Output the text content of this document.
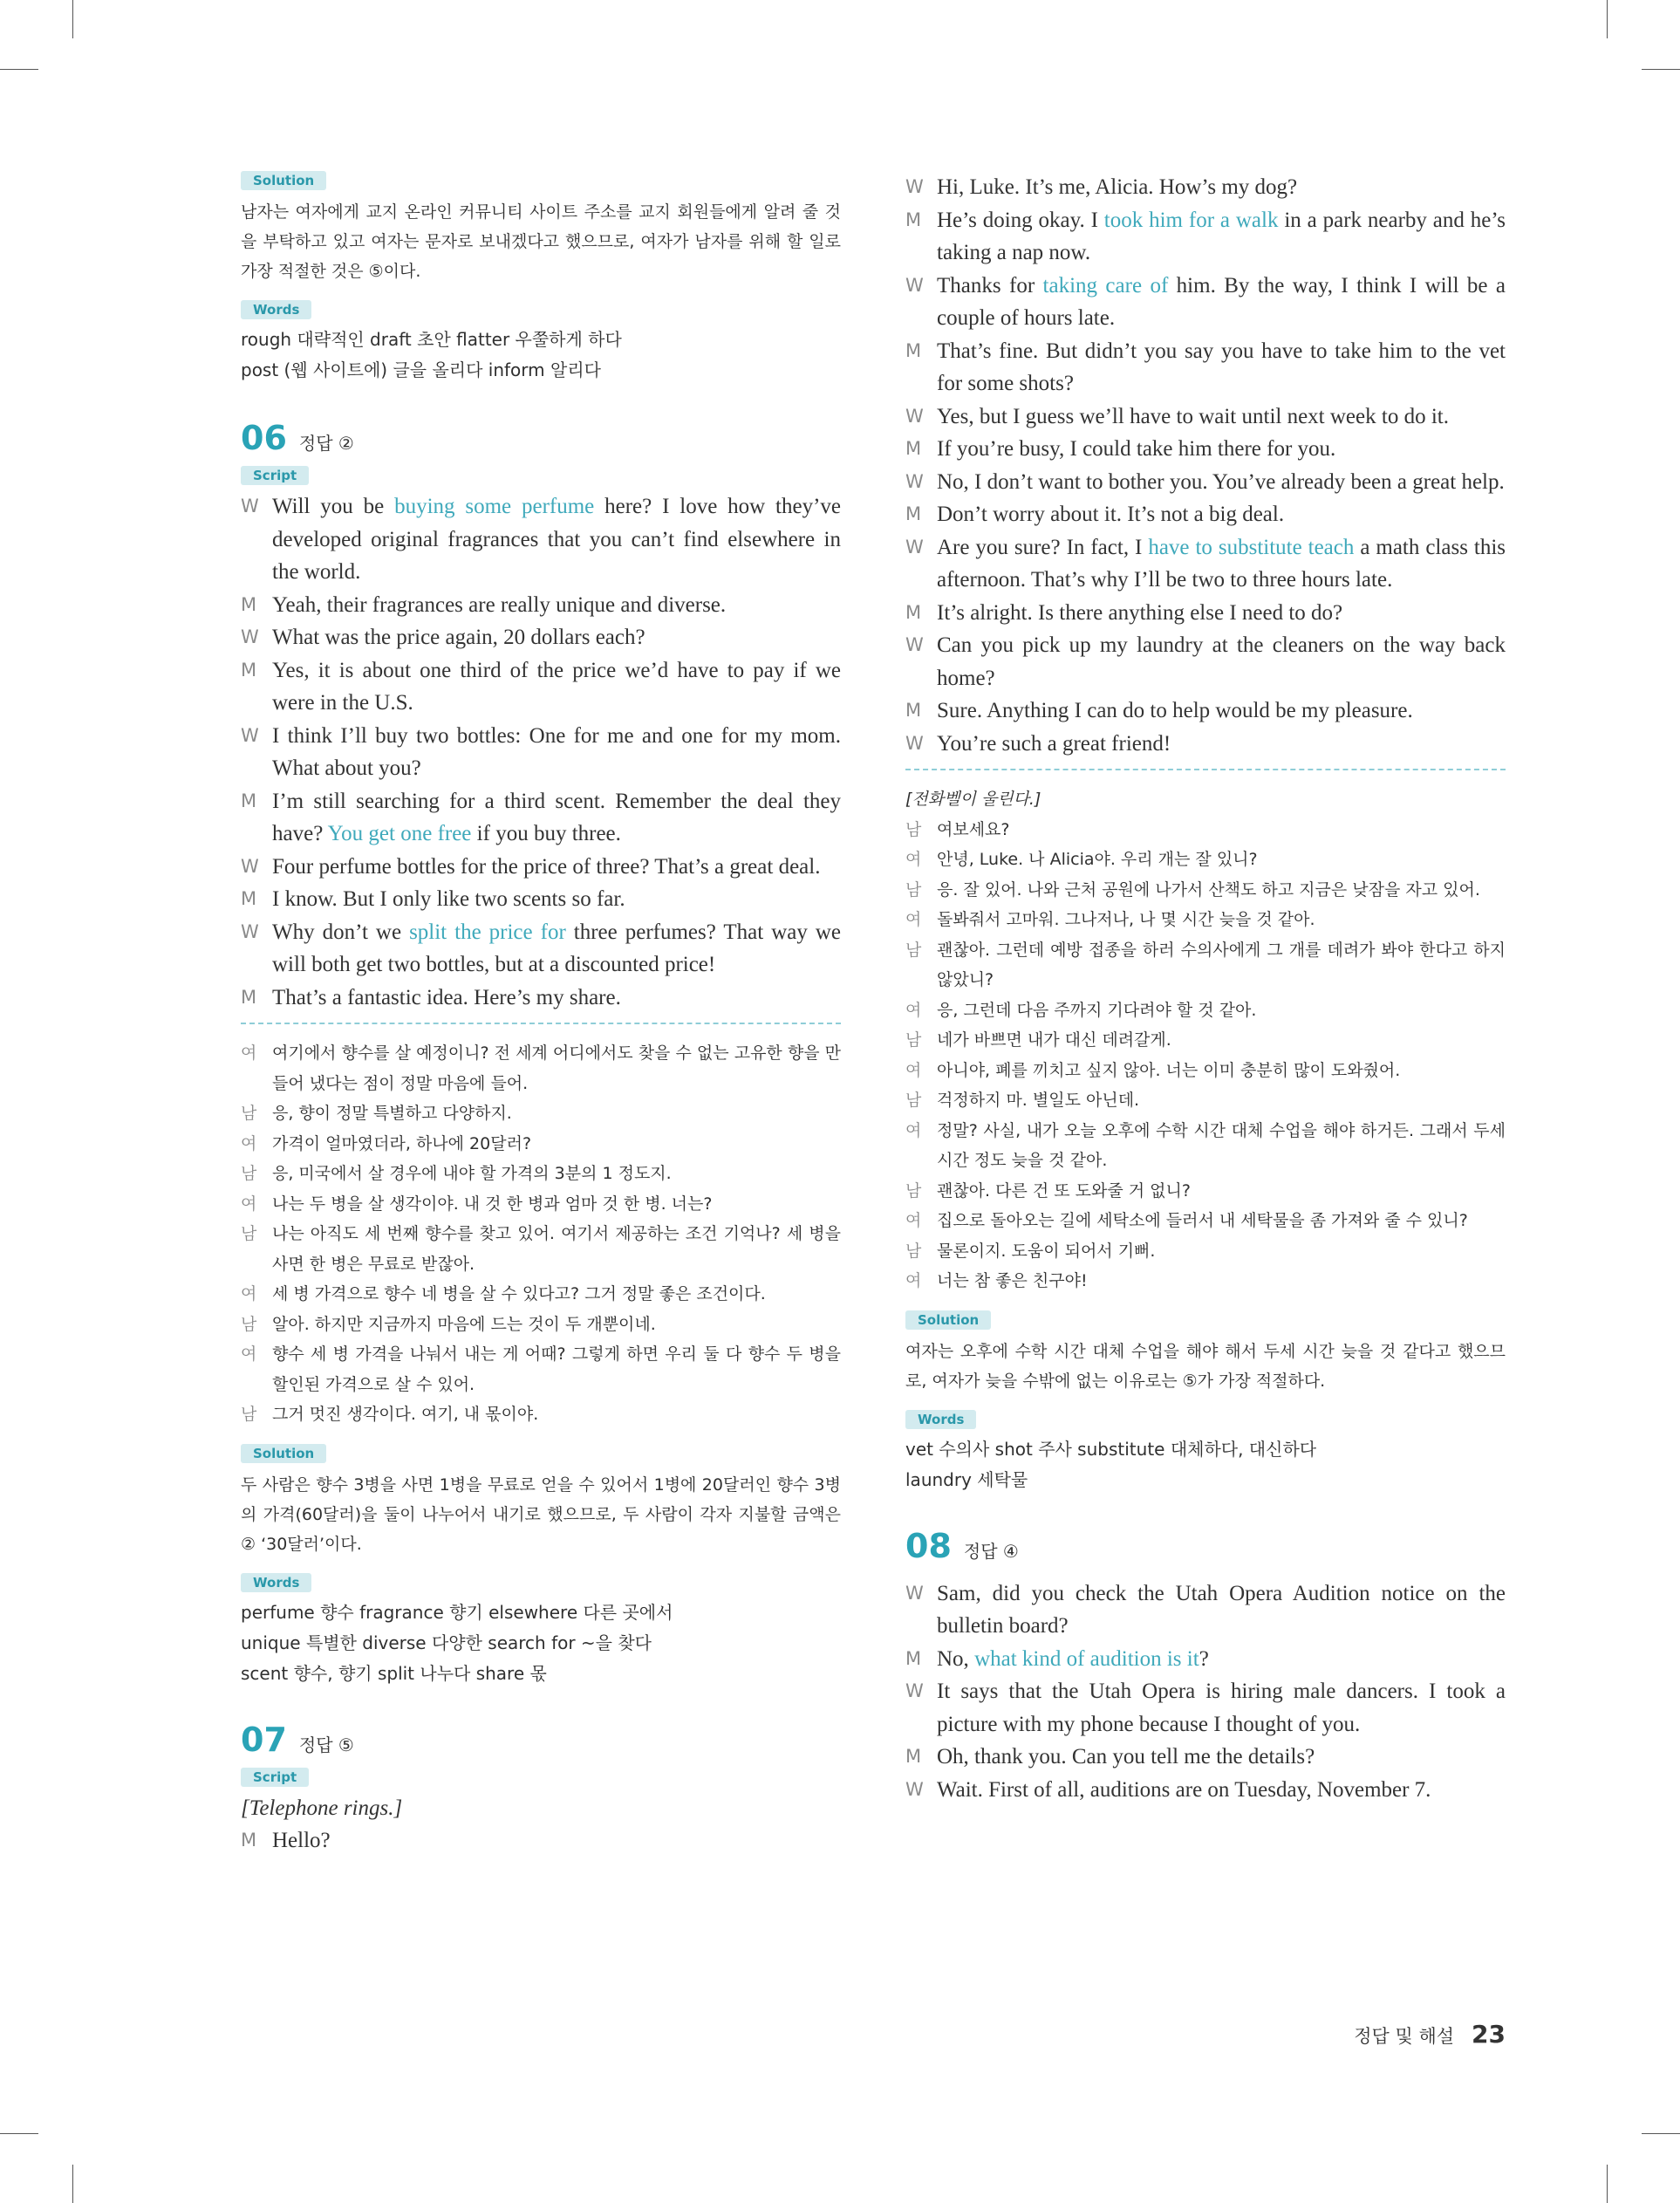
Solution

남자는 여자에게 교지 온라인 커뮤니티 사이트 주소를 교지 회원들에게 알려 줄 것을 부탁하고 있고 여자는 문자로 보내겠다고 했으므로, 여자가 남자를 위해 할 일로 가장 적절한 것은 ⑤이다.

Words

rough 대략적인 draft 초안 flatter 우쭐하게 하다

post (웹 사이트에) 글을 올리다 inform 알리다

06 정답 ②
Script

W Will you be buying some perfume here? I love how they’ve developed original fragrances that you can’t find elsewhere in the world.

M Yeah, their fragrances are really unique and diverse.

W What was the price again, 20 dollars each?

M Yes, it is about one third of the price we’d have to pay if we were in the U.S.

W I think I’ll buy two bottles: One for me and one for my mom. What about you?

M I’m still searching for a third scent. Remember the deal they have? You get one free if you buy three.

W Four perfume bottles for the price of three? That’s a great deal.

M I know. But I only like two scents so far.

W Why don’t we split the price for three perfumes? That way we will both get two bottles, but at a discounted price!

M That’s a fantastic idea. Here’s my share.

여 여기에서 향수를 살 예정이니? 전 세계 어디에서도 찾을 수 없는 고유한 향을 만들어 냈다는 점이 정말 마음에 들어.

남 응, 향이 정말 특별하고 다양하지.

여 가격이 얼마였더라, 하나에 20달러?

남 응, 미국에서 살 경우에 내야 할 가격의 3분의 1 정도지.

여 나는 두 병을 살 생각이야. 내 것 한 병과 엄마 것 한 병. 너는?

남 나는 아직도 세 번째 향수를 찾고 있어. 여기서 제공하는 조건 기억나? 세 병을 사면 한 병은 무료로 받잖아.

여 세 병 가격으로 향수 네 병을 살 수 있다고? 그거 정말 좋은 조건이다.

남 알아. 하지만 지금까지 마음에 드는 것이 두 개뿐이네.

여 향수 세 병 가격을 나눠서 내는 게 어때? 그렇게 하면 우리 둘 다 향수 두 병을 할인된 가격으로 살 수 있어.

남 그거 멋진 생각이다. 여기, 내 몫이야.

Solution

두 사람은 향수 3병을 사면 1병을 무료로 얻을 수 있어서 1병에 20달러인 향수 3병의 가격(60달러)을 둘이 나누어서 내기로 했으므로, 두 사람이 각자 지불할 금액은 ② ‘30달러’이다.

Words

perfume 향수 fragrance 향기 elsewhere 다른 곳에서

unique 특별한 diverse 다양한 search for ~을 찾다

scent 향수, 향기 split 나누다 share 몫

07 정답 ⑤
Script

[Telephone rings.]

M Hello?

W Hi, Luke. It’s me, Alicia. How’s my dog?

M He’s doing okay. I took him for a walk in a park nearby and he’s taking a nap now.

W Thanks for taking care of him. By the way, I think I will be a couple of hours late.

M That’s fine. But didn’t you say you have to take him to the vet for some shots?

W Yes, but I guess we’ll have to wait until next week to do it.

M If you’re busy, I could take him there for you.

W No, I don’t want to bother you. You’ve already been a great help.

M Don’t worry about it. It’s not a big deal.

W Are you sure? In fact, I have to substitute teach a math class this afternoon. That’s why I’ll be two to three hours late.

M It’s alright. Is there anything else I need to do?

W Can you pick up my laundry at the cleaners on the way back home?

M Sure. Anything I can do to help would be my pleasure.

W You’re such a great friend!

[전화벨이 울린다.]

남 여보세요?

여 안녕, Luke. 나 Alicia야. 우리 개는 잘 있니?

남 응. 잘 있어. 나와 근처 공원에 나가서 산책도 하고 지금은 낮잠을 자고 있어.

여 돌봐줘서 고마워. 그나저나, 나 몇 시간 늦을 것 같아.

남 괜찮아. 그런데 예방 접종을 하러 수의사에게 그 개를 데려가 봐야 한다고 하지 않았니?

여 응, 그런데 다음 주까지 기다려야 할 것 같아.

남 네가 바쁘면 내가 대신 데려갈게.

여 아니야, 폐를 끼치고 싶지 않아. 너는 이미 충분히 많이 도와줬어.

남 걱정하지 마. 별일도 아닌데.

여 정말? 사실, 내가 오늘 오후에 수학 시간 대체 수업을 해야 하거든. 그래서 두세 시간 정도 늦을 것 같아.

남 괜찮아. 다른 건 또 도와줄 거 없니?

여 집으로 돌아오는 길에 세탁소에 들러서 내 세탁물을 좀 가져와 줄 수 있니?

남 물론이지. 도움이 되어서 기뻐.

여 너는 참 좋은 친구야!

Solution

여자는 오후에 수학 시간 대체 수업을 해야 해서 두세 시간 늦을 것 같다고 했으므로, 여자가 늦을 수밖에 없는 이유로는 ⑤가 가장 적절하다.

Words

vet 수의사 shot 주사 substitute 대체하다, 대신하다

laundry 세탁물

08 정답 ④

W Sam, did you check the Utah Opera Audition notice on the bulletin board?

M No, what kind of audition is it?

W It says that the Utah Opera is hiring male dancers. I took a picture with my phone because I thought of you.

M Oh, thank you. Can you tell me the details?

W Wait. First of all, auditions are on Tuesday, November 7.

정답 및 해설 23
